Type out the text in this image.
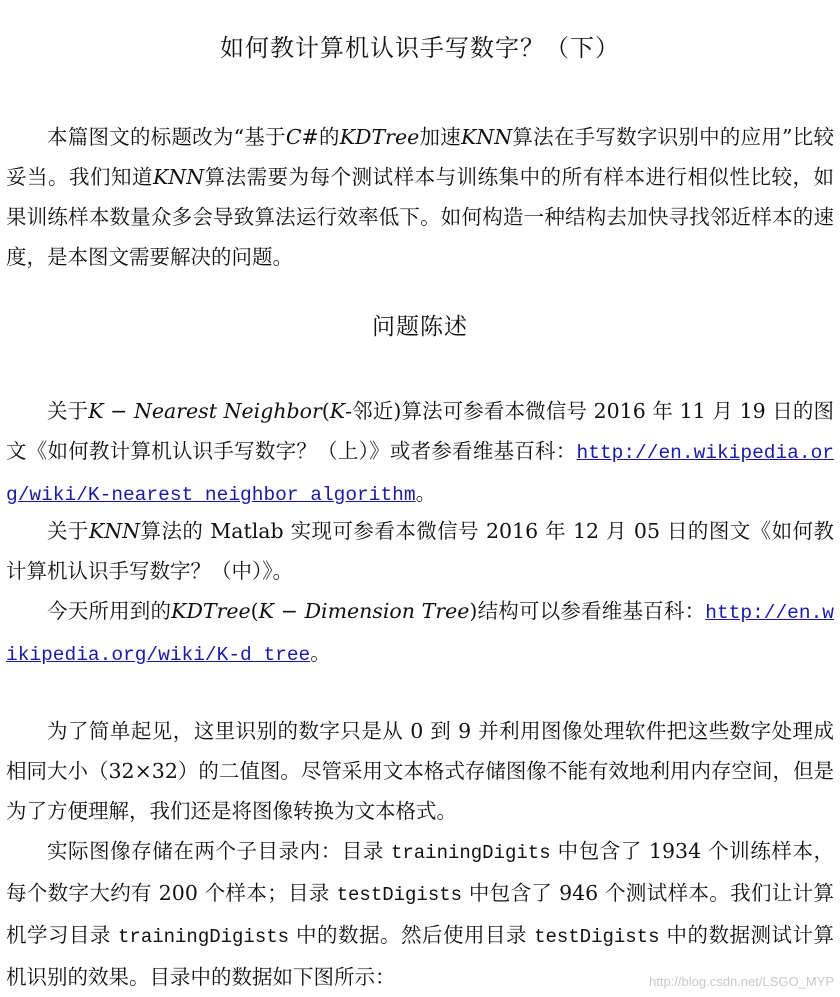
如何教计算机认识手写数字？（下）

本篇图文的标题改为“基于C#的KDTree加速KNN算法在手写数字识别中的应用”比较妥当。我们知道KNN算法需要为每个测试样本与训练集中的所有样本进行相似性比较，如果训练样本数量众多会导致算法运行效率低下。如何构造一种结构去加快寻找邻近样本的速度，是本图文需要解决的问题。

问题陈述

关于K − Nearest Neighbor(K-邻近)算法可参看本微信号 2016 年 11 月 19 日的图文《如何教计算机认识手写数字？（上）》或者参看维基百科：http://en.wikipedia.org/wiki/K-nearest_neighbor_algorithm。

关于KNN算法的 Matlab 实现可参看本微信号 2016 年 12 月 05 日的图文《如何教计算机认识手写数字？（中）》。

今天所用到的KDTree(K − Dimension Tree)结构可以参看维基百科：http://en.wikipedia.org/wiki/K-d_tree。

为了简单起见，这里识别的数字只是从 0 到 9 并利用图像处理软件把这些数字处理成相同大小（32×32）的二值图。尽管采用文本格式存储图像不能有效地利用内存空间，但是为了方便理解，我们还是将图像转换为文本格式。

实际图像存储在两个子目录内：目录 trainingDigits 中包含了 1934 个训练样本，每个数字大约有 200 个样本；目录 testDigists 中包含了 946 个测试样本。我们让计算机学习目录 trainingDigists 中的数据。然后使用目录 testDigists 中的数据测试计算机识别的效果。目录中的数据如下图所示：	http://blog.csdn.net/LSGO_MYP
